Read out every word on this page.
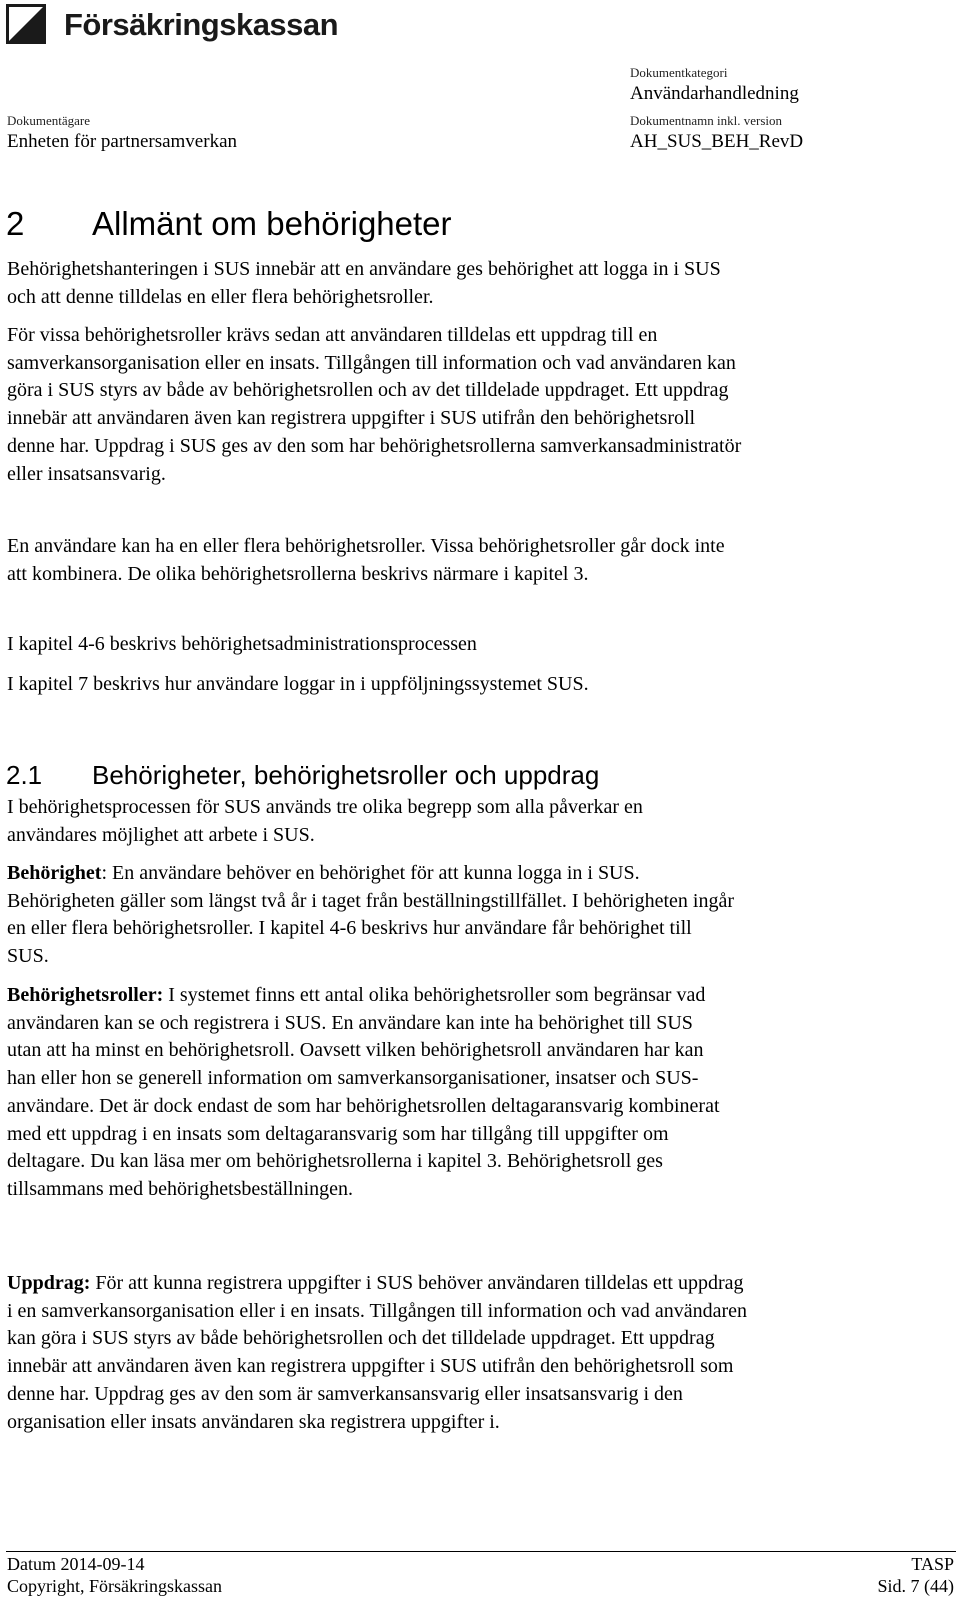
Försäkringskassan
Dokumentägare
Enheten för partnersamverkan
Dokumentkategori
Användarhandledning
Dokumentnamn inkl. version
AH_SUS_BEH_RevD
2 Allmänt om behörigheter

Behörighetshanteringen i SUS innebär att en användare ges behörighet att logga in i SUS och att denne tilldelas en eller flera behörighetsroller.

För vissa behörighetsroller krävs sedan att användaren tilldelas ett uppdrag till en samverkansorganisation eller en insats. Tillgången till information och vad användaren kan göra i SUS styrs av både av behörighetsrollen och av det tilldelade uppdraget. Ett uppdrag innebär att användaren även kan registrera uppgifter i SUS utifrån den behörighetsroll denne har. Uppdrag i SUS ges av den som har behörighetsrollerna samverkansadministratör eller insatsansvarig.

En användare kan ha en eller flera behörighetsroller. Vissa behörighetsroller går dock inte att kombinera. De olika behörighetsrollerna beskrivs närmare i kapitel 3.

I kapitel 4-6 beskrivs behörighetsadministrationsprocessen

I kapitel 7 beskrivs hur användare loggar in i uppföljningssystemet SUS.

2.1 Behörigheter, behörighetsroller och uppdrag

I behörighetsprocessen för SUS används tre olika begrepp som alla påverkar en användares möjlighet att arbete i SUS.

Behörighet: En användare behöver en behörighet för att kunna logga in i SUS. Behörigheten gäller som längst två år i taget från beställningstillfället. I behörigheten ingår en eller flera behörighetsroller. I kapitel 4-6 beskrivs hur användare får behörighet till SUS.

Behörighetsroller: I systemet finns ett antal olika behörighetsroller som begränsar vad användaren kan se och registrera i SUS. En användare kan inte ha behörighet till SUS utan att ha minst en behörighetsroll. Oavsett vilken behörighetsroll användaren har kan han eller hon se generell information om samverkansorganisationer, insatser och SUS-användare. Det är dock endast de som har behörighetsrollen deltagaransvarig kombinerat med ett uppdrag i en insats som deltagaransvarig som har tillgång till uppgifter om deltagare. Du kan läsa mer om behörighetsrollerna i kapitel 3. Behörighetsroll ges tillsammans med behörighetsbeställningen.

Uppdrag: För att kunna registrera uppgifter i SUS behöver användaren tilldelas ett uppdrag i en samverkansorganisation eller i en insats. Tillgången till information och vad användaren kan göra i SUS styrs av både behörighetsrollen och det tilldelade uppdraget. Ett uppdrag innebär att användaren även kan registrera uppgifter i SUS utifrån den behörighetsroll som denne har. Uppdrag ges av den som är samverkansansvarig eller insatsansvarig i den organisation eller insats användaren ska registrera uppgifter i.

Datum 2014-09-14
Copyright, Försäkringskassan
TASP
Sid. 7 (44)
